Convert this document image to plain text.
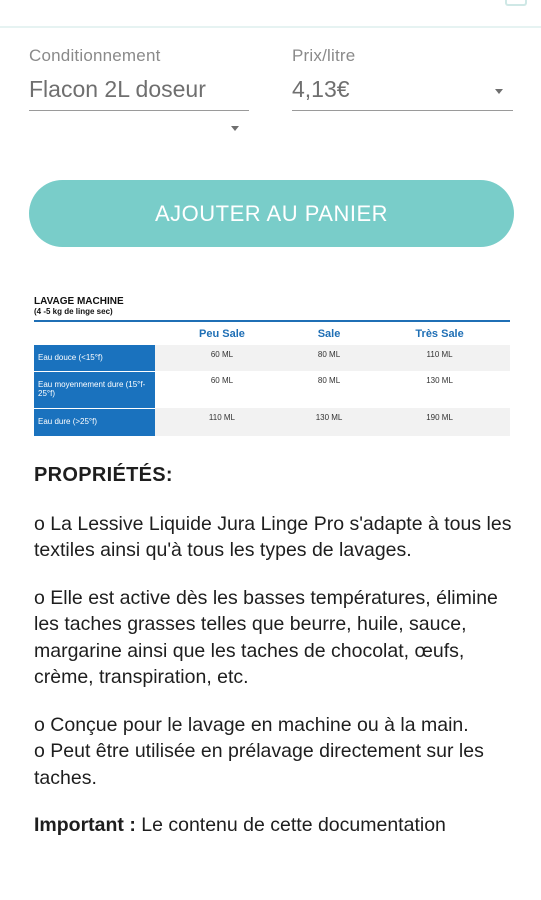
Conditionnement
Flacon 2L doseur
Prix/litre
4,13€
AJOUTER AU PANIER
LAVAGE MACHINE
(4 -5 kg de linge sec)
	Peu Sale	Sale	Très Sale
Eau douce (<15°f)	60 ML	80 ML	110 ML
Eau moyennement dure (15°f-25°f)	60 ML	80 ML	130 ML
Eau dure (>25°f)	110 ML	130 ML	190 ML
PROPRIÉTÉS:

o La Lessive Liquide Jura Linge Pro s'adapte à tous les textiles ainsi qu'à tous les types de lavages.

o Elle est active dès les basses températures, élimine les taches grasses telles que beurre, huile, sauce, margarine ainsi que les taches de chocolat, œufs, crème, transpiration, etc.

o Conçue pour le lavage en machine ou à la main.

o Peut être utilisée en prélavage directement sur les taches.

Important : Le contenu de cette documentation
